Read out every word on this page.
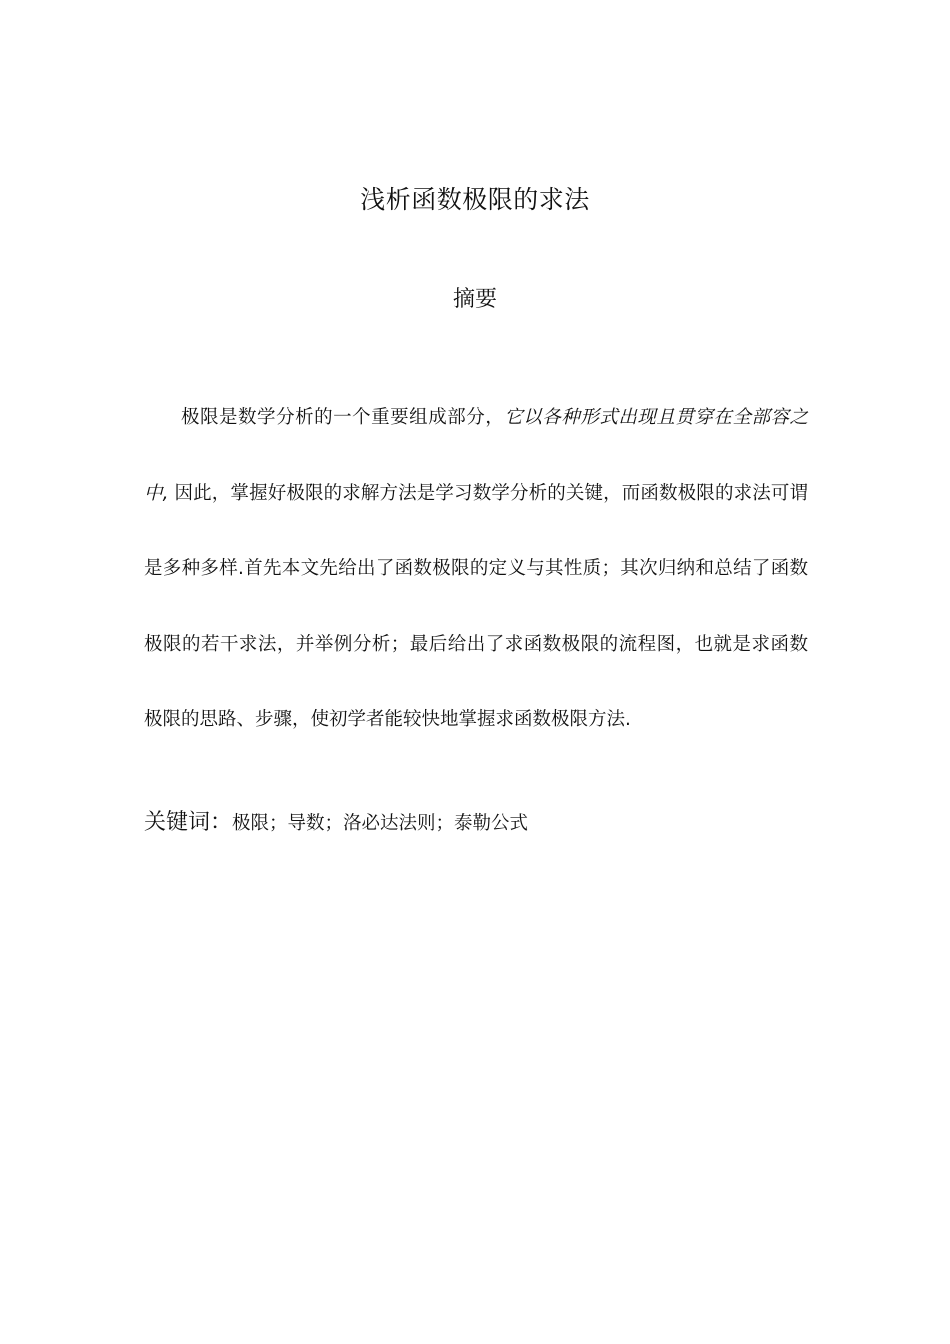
浅析函数极限的求法
摘要

极限是数学分析的一个重要组成部分，它以各种形式出现且贯穿在全部容之中, 因此，掌握好极限的求解方法是学习数学分析的关键，而函数极限的求法可谓是多种多样.首先本文先给出了函数极限的定义与其性质；其次归纳和总结了函数极限的若干求法，并举例分析；最后给出了求函数极限的流程图，也就是求函数极限的思路、步骤，使初学者能较快地掌握求函数极限方法.

关键词：极限；导数；洛必达法则；泰勒公式
